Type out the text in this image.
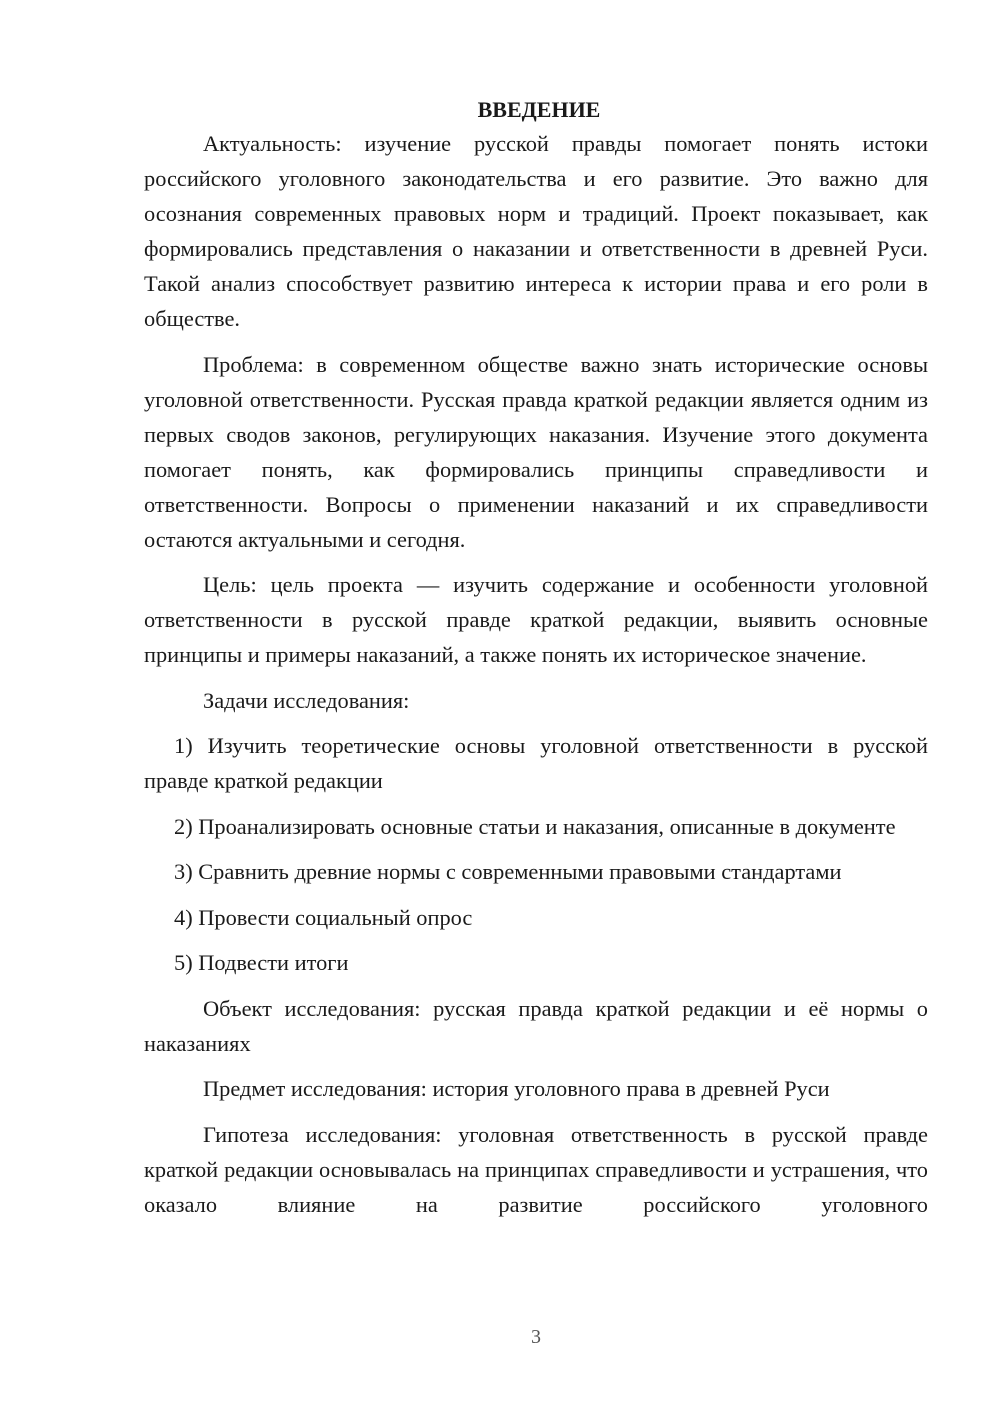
ВВЕДЕНИЕ

Актуальность: изучение русской правды помогает понять истоки российского уголовного законодательства и его развитие. Это важно для осознания современных правовых норм и традиций. Проект показывает, как формировались представления о наказании и ответственности в древней Руси. Такой анализ способствует развитию интереса к истории права и его роли в обществе.

Проблема: в современном обществе важно знать исторические основы уголовной ответственности. Русская правда краткой редакции является одним из первых сводов законов, регулирующих наказания. Изучение этого документа помогает понять, как формировались принципы справедливости и ответственности. Вопросы о применении наказаний и их справедливости остаются актуальными и сегодня.

Цель: цель проекта — изучить содержание и особенности уголовной ответственности в русской правде краткой редакции, выявить основные принципы и примеры наказаний, а также понять их историческое значение.

Задачи исследования:

1) Изучить теоретические основы уголовной ответственности в русской правде краткой редакции

2) Проанализировать основные статьи и наказания, описанные в документе

3) Сравнить древние нормы с современными правовыми стандартами

4) Провести социальный опрос

5) Подвести итоги

Объект исследования: русская правда краткой редакции и её нормы о наказаниях

Предмет исследования: история уголовного права в древней Руси

Гипотеза исследования: уголовная ответственность в русской правде краткой редакции основывалась на принципах справедливости и устрашения, что оказало влияние на развитие российского уголовного

3
